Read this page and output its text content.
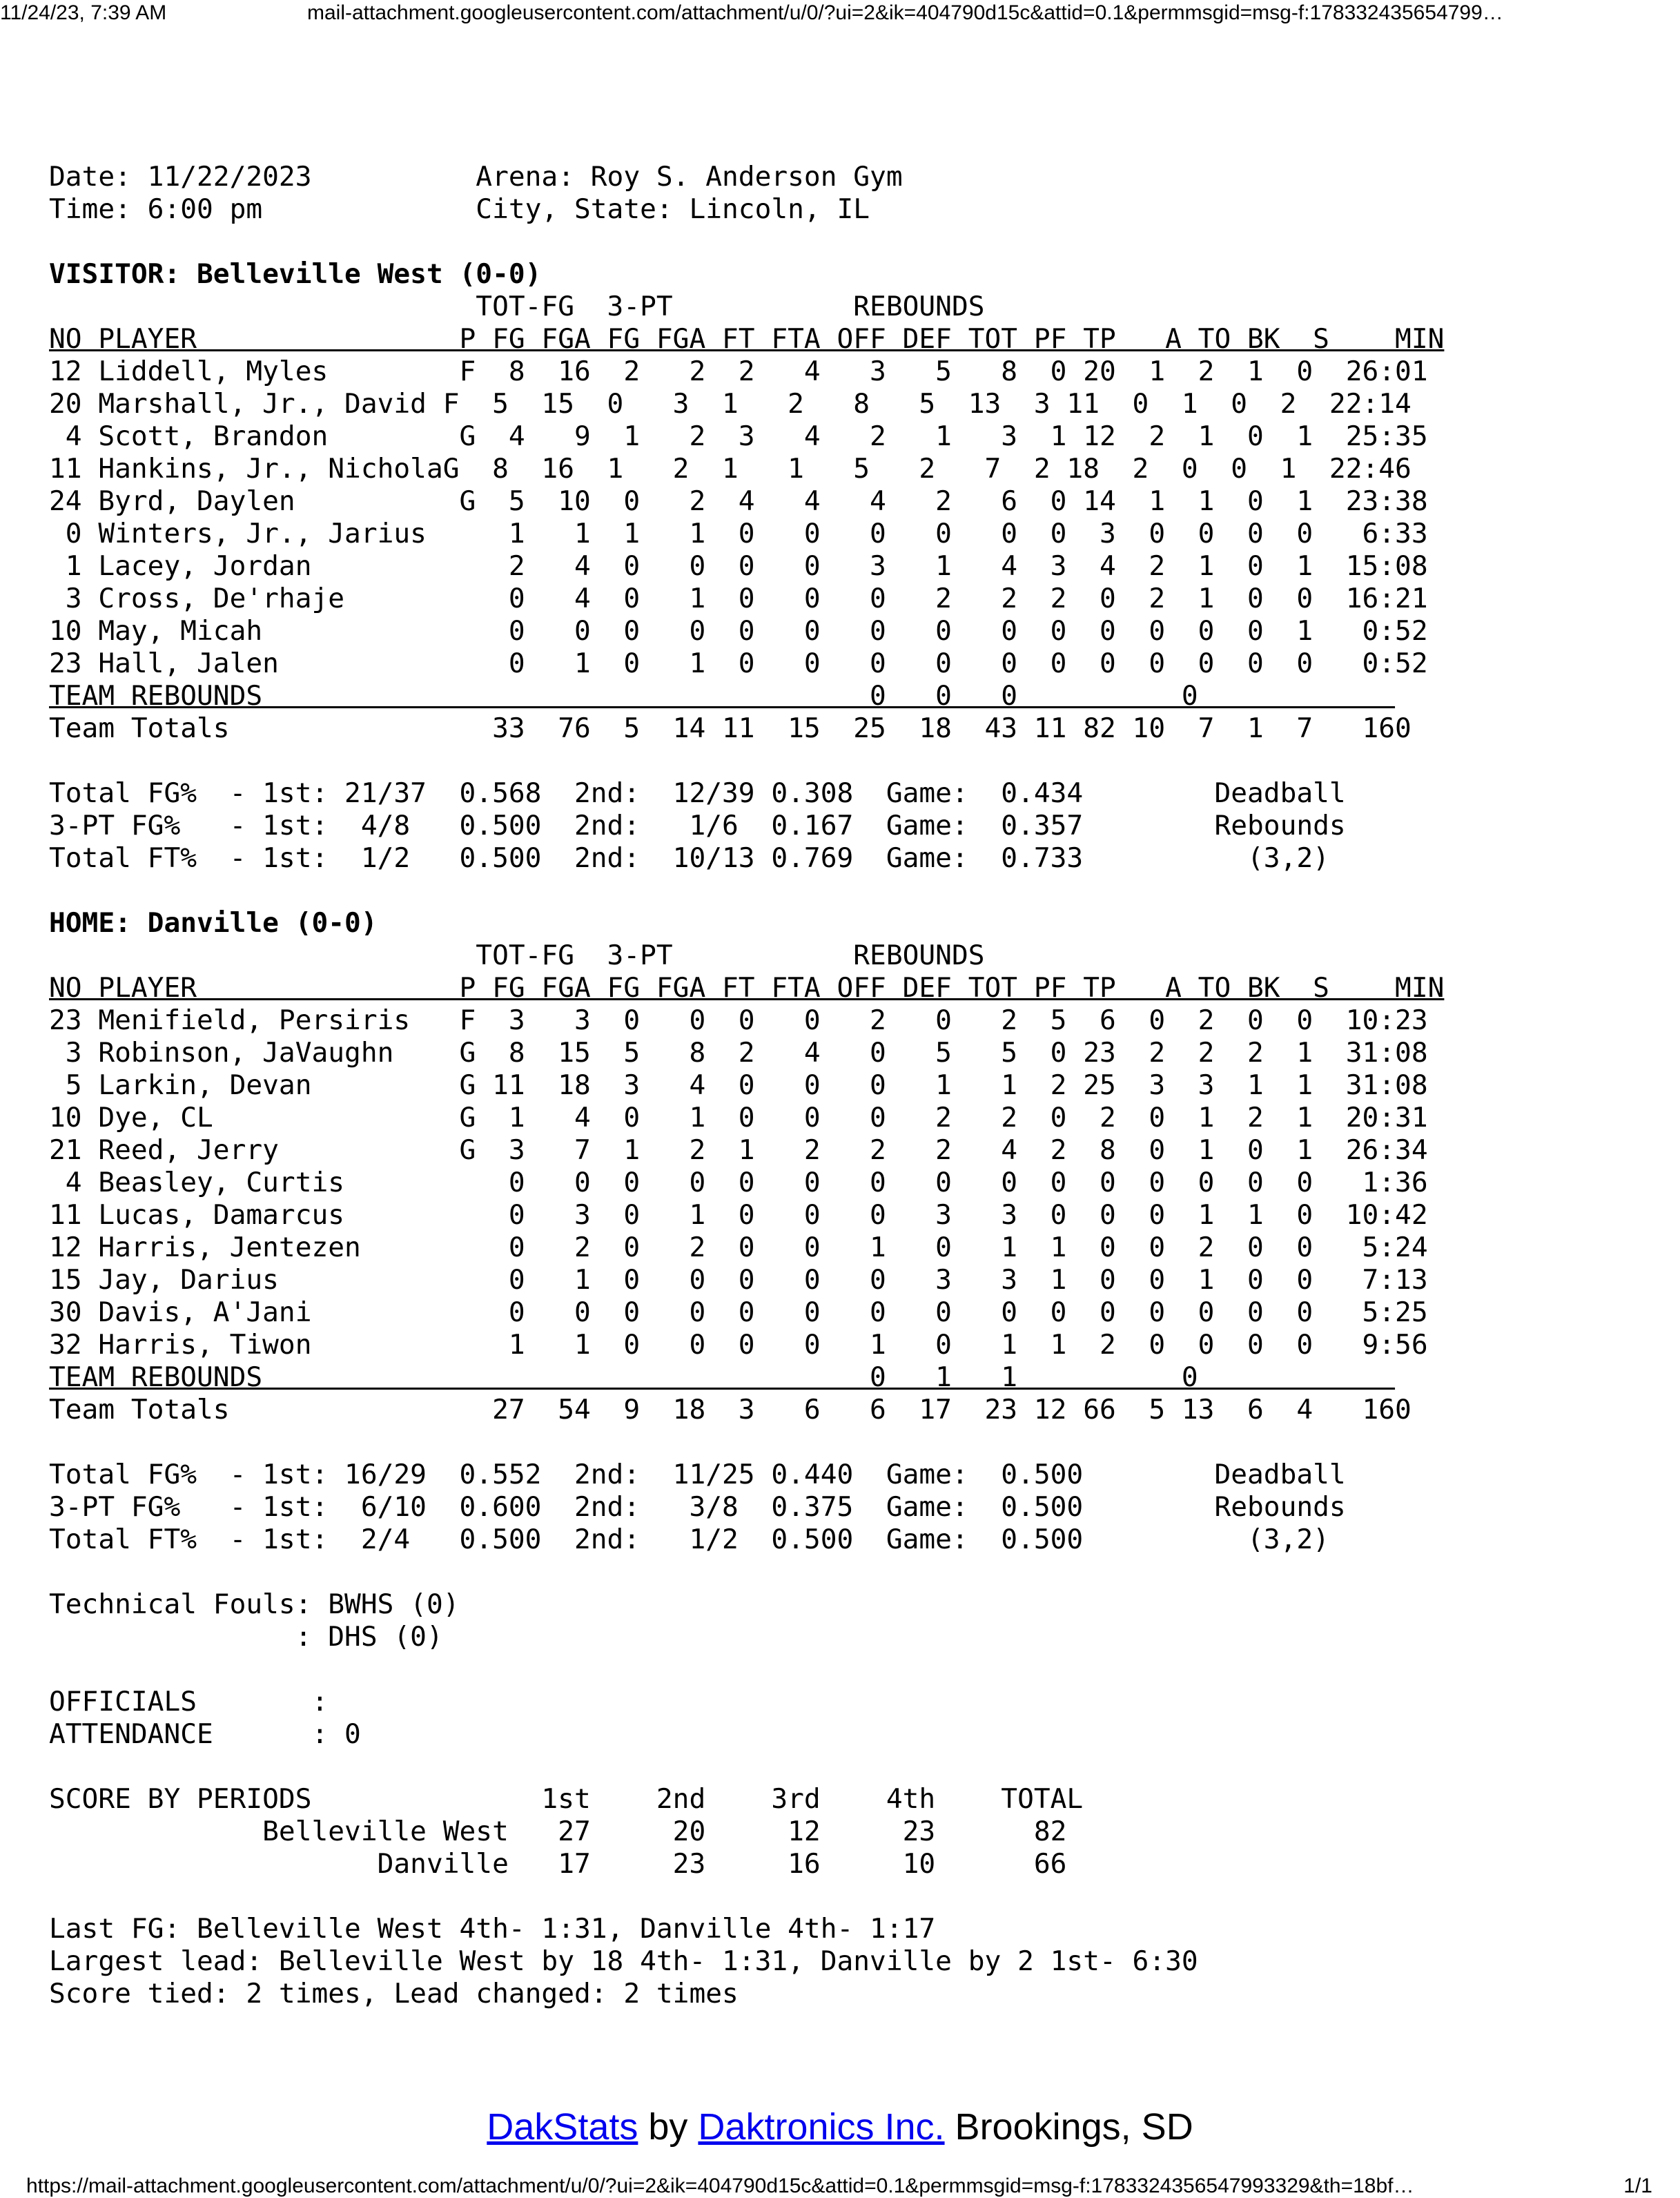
11/24/23, 7:39 AM	mail-attachment.googleusercontent.com/attachment/u/0/?ui=2&ik=404790d15c&attid=0.1&permmsgid=msg-f:178332435654799…

Date: 11/22/2023          Arena: Roy S. Anderson Gym
Time: 6:00 pm             City, State: Lincoln, IL

VISITOR: Belleville West (0-0)
TOT-FG  3-PT           REBOUNDS
NO PLAYER                P FG FGA FG FGA FT FTA OFF DEF TOT PF TP   A TO BK  S    MIN
12 Liddell, Myles        F  8  16  2   2  2   4   3   5   8  0 20  1  2  1  0  26:01
20 Marshall, Jr., David F  5  15  0   3  1   2   8   5  13  3 11  0  1  0  2  22:14
4 Scott, Brandon        G  4   9  1   2  3   4   2   1   3  1 12  2  1  0  1  25:35
11 Hankins, Jr., NicholaG  8  16  1   2  1   1   5   2   7  2 18  2  0  0  1  22:46
24 Byrd, Daylen          G  5  10  0   2  4   4   4   2   6  0 14  1  1  0  1  23:38
0 Winters, Jr., Jarius     1   1  1   1  0   0   0   0   0  0  3  0  0  0  0   6:33
1 Lacey, Jordan            2   4  0   0  0   0   3   1   4  3  4  2  1  0  1  15:08
3 Cross, De'rhaje          0   4  0   1  0   0   0   2   2  2  0  2  1  0  0  16:21
10 May, Micah               0   0  0   0  0   0   0   0   0  0  0  0  0  0  1   0:52
23 Hall, Jalen              0   1  0   1  0   0   0   0   0  0  0  0  0  0  0   0:52
TEAM REBOUNDS                                     0   0   0          0
Team Totals                33  76  5  14 11  15  25  18  43 11 82 10  7  1  7   160

Total FG%  - 1st: 21/37  0.568  2nd:  12/39 0.308  Game:  0.434        Deadball
3-PT FG%   - 1st:  4/8   0.500  2nd:   1/6  0.167  Game:  0.357        Rebounds
Total FT%  - 1st:  1/2   0.500  2nd:  10/13 0.769  Game:  0.733          (3,2)

HOME: Danville (0-0)
TOT-FG  3-PT           REBOUNDS
NO PLAYER                P FG FGA FG FGA FT FTA OFF DEF TOT PF TP   A TO BK  S    MIN
23 Menifield, Persiris   F  3   3  0   0  0   0   2   0   2  5  6  0  2  0  0  10:23
3 Robinson, JaVaughn    G  8  15  5   8  2   4   0   5   5  0 23  2  2  2  1  31:08
5 Larkin, Devan         G 11  18  3   4  0   0   0   1   1  2 25  3  3  1  1  31:08
10 Dye, CL               G  1   4  0   1  0   0   0   2   2  0  2  0  1  2  1  20:31
21 Reed, Jerry           G  3   7  1   2  1   2   2   2   4  2  8  0  1  0  1  26:34
4 Beasley, Curtis          0   0  0   0  0   0   0   0   0  0  0  0  0  0  0   1:36
11 Lucas, Damarcus          0   3  0   1  0   0   0   3   3  0  0  0  1  1  0  10:42
12 Harris, Jentezen         0   2  0   2  0   0   1   0   1  1  0  0  2  0  0   5:24
15 Jay, Darius              0   1  0   0  0   0   0   3   3  1  0  0  1  0  0   7:13
30 Davis, A'Jani            0   0  0   0  0   0   0   0   0  0  0  0  0  0  0   5:25
32 Harris, Tiwon            1   1  0   0  0   0   1   0   1  1  2  0  0  0  0   9:56
TEAM REBOUNDS                                     0   1   1          0
Team Totals                27  54  9  18  3   6   6  17  23 12 66  5 13  6  4   160

Total FG%  - 1st: 16/29  0.552  2nd:  11/25 0.440  Game:  0.500        Deadball
3-PT FG%   - 1st:  6/10  0.600  2nd:   3/8  0.375  Game:  0.500        Rebounds
Total FT%  - 1st:  2/4   0.500  2nd:   1/2  0.500  Game:  0.500          (3,2)

Technical Fouls: BWHS (0)
: DHS (0)

OFFICIALS       :
ATTENDANCE      : 0

SCORE BY PERIODS              1st    2nd    3rd    4th    TOTAL
Belleville West   27     20     12     23      82
Danville   17     23     16     10      66

Last FG: Belleville West 4th- 1:31, Danville 4th- 1:17
Largest lead: Belleville West by 18 4th- 1:31, Danville by 2 1st- 6:30
Score tied: 2 times, Lead changed: 2 times
DakStats by Daktronics Inc. Brookings, SD
https://mail-attachment.googleusercontent.com/attachment/u/0/?ui=2&ik=404790d15c&attid=0.1&permmsgid=msg-f:1783324356547993329&th=18bf…	1/1
